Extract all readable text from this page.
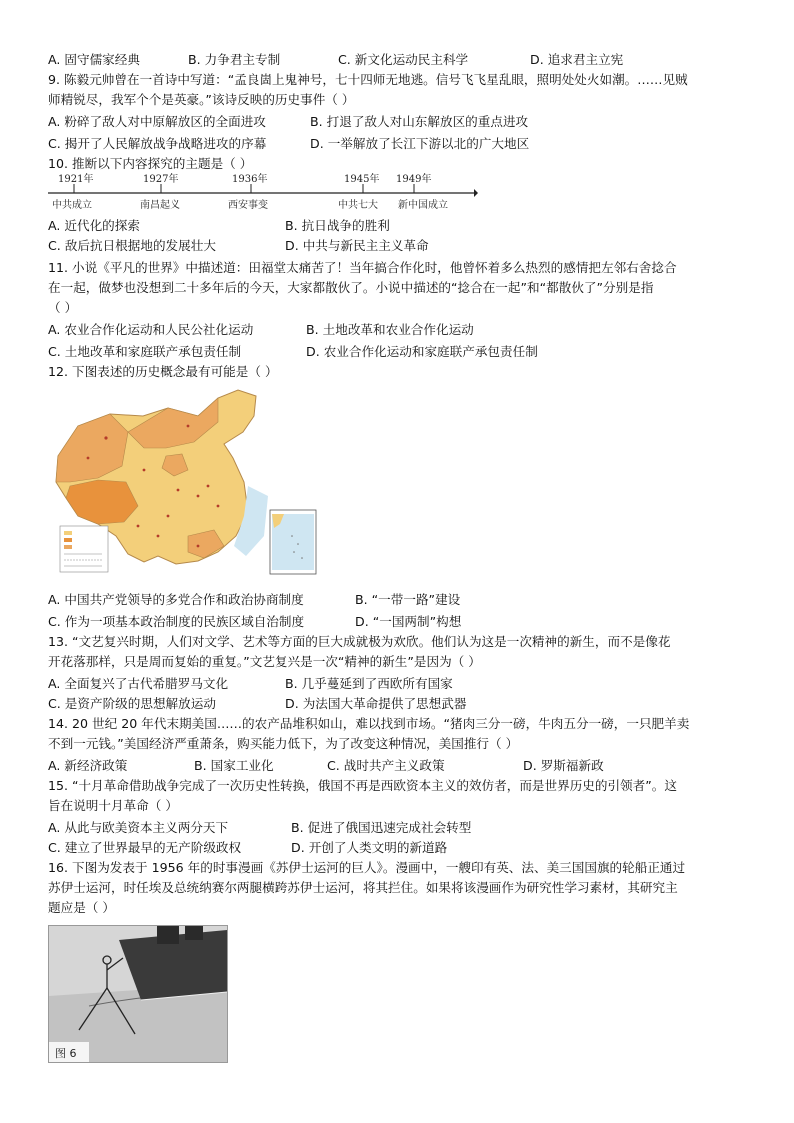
A. 固守儒家经典	B. 力争君主专制	C. 新文化运动民主科学	D. 追求君主立宪
9. 陈毅元帅曾在一首诗中写道：“孟良崮上鬼神号，七十四师无地逃。信号飞飞星乱眼，照明处处火如潮。……见贼
师精锐尽，我军个个是英豪。”该诗反映的历史事件（ ）
A. 粉碎了敌人对中原解放区的全面进攻	B. 打退了敌人对山东解放区的重点进攻
C. 揭开了人民解放战争战略进攻的序幕	D. 一举解放了长江下游以北的广大地区
10. 推断以下内容探究的主题是（ ）
1921年	1927年	1936年	1945年 1949年
中共成立	南昌起义	西安事变	中共七大 新中国成立
A. 近代化的探索	B. 抗日战争的胜利
C. 敌后抗日根据地的发展壮大	D. 中共与新民主主义革命
11. 小说《平凡的世界》中描述道：田福堂太痛苦了！当年搞合作化时，他曾怀着多么热烈的感情把左邻右舍捻合
在一起，做梦也没想到二十多年后的今天，大家都散伙了。小说中描述的“捻合在一起”和“都散伙了”分别是指
（ ）
A. 农业合作化运动和人民公社化运动	B. 土地改革和农业合作化运动
C. 土地改革和家庭联产承包责任制	D. 农业合作化运动和家庭联产承包责任制
12. 下图表述的历史概念最有可能是（ ）
A. 中国共产党领导的多党合作和政治协商制度	B. “一带一路”建设
C. 作为一项基本政治制度的民族区域自治制度	D. “一国两制”构想
13. “文艺复兴时期，人们对文学、艺术等方面的巨大成就极为欢欣。他们认为这是一次精神的新生，而不是像花
开花落那样，只是周而复始的重复。”文艺复兴是一次“精神的新生”是因为（ ）
A. 全面复兴了古代希腊罗马文化	B. 几乎蔓延到了西欧所有国家
C. 是资产阶级的思想解放运动	D. 为法国大革命提供了思想武器
14. 20 世纪 20 年代末期美国……的农产品堆积如山，难以找到市场。“猪肉三分一磅，牛肉五分一磅，一只肥羊卖
不到一元钱。”美国经济严重萧条，购买能力低下，为了改变这种情况，美国推行（ ）
A. 新经济政策	B. 国家工业化	C. 战时共产主义政策	D. 罗斯福新政
15. “十月革命借助战争完成了一次历史性转换，俄国不再是西欧资本主义的效仿者，而是世界历史的引领者”。这
旨在说明十月革命（ ）
A. 从此与欧美资本主义两分天下	B. 促进了俄国迅速完成社会转型
C. 建立了世界最早的无产阶级政权	D. 开创了人类文明的新道路
16. 下图为发表于 1956 年的时事漫画《苏伊士运河的巨人》。漫画中，一艘印有英、法、美三国国旗的轮船正通过
苏伊士运河，时任埃及总统纳赛尔两腿横跨苏伊士运河，将其拦住。如果将该漫画作为研究性学习素材，其研究主
题应是（ ）
图 6
